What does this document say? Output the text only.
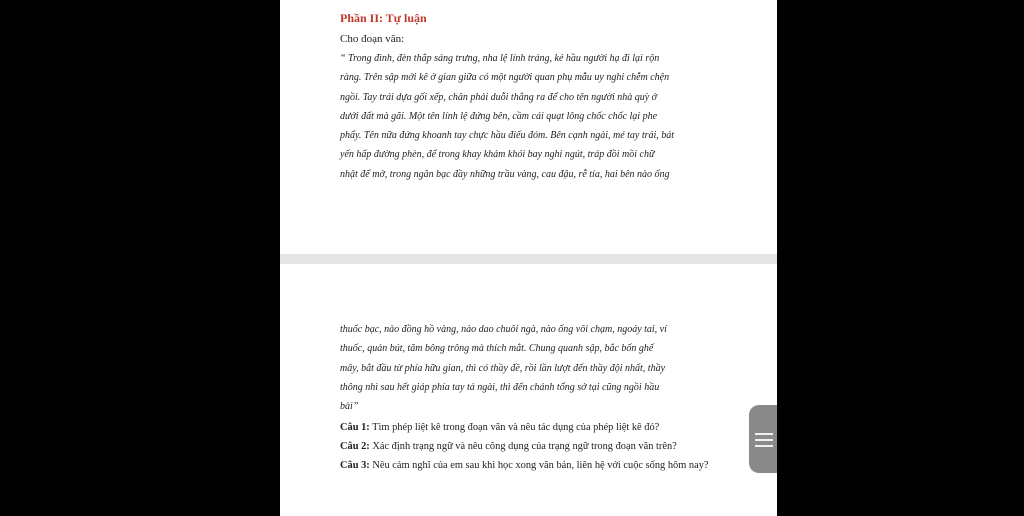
Phần II: Tự luận
Cho đoạn văn:

“ Trong đình, đèn thắp sáng trưng, nha lệ lính tráng, kẻ hầu người hạ đi lại rộn
ràng. Trên sập mới kê ở gian giữa có một người quan phụ mẫu uy nghi chễm chện
ngồi. Tay trái dựa gối xếp, chân phải duỗi thẳng ra để cho tên người nhà quỳ ở
dưới đất mà gãi. Một tên lính lệ đứng bên, cầm cái quạt lông chốc chốc lại phe
phẩy. Tên nữa đứng khoanh tay chực hầu điếu đóm. Bên cạnh ngài, mé tay trái, bát
yến hấp đường phèn, để trong khay khảm khói bay nghi ngút, tráp đồi mồi chữ
nhật để mở, trong ngăn bạc đầy những trầu vàng, cau đậu, rễ tía, hai bên nào ống

thuốc bạc, nào đồng hồ vàng, nào dao chuôi ngà, nào ống vôi chạm, ngoáy tai, ví
thuốc, quản bút, tăm bông trông mà thích mắt. Chung quanh sập, bắc bốn ghế
mây, bắt đầu từ phía hữu gian, thì có thầy đề, rồi lần lượt đến thầy đội nhất, thầy
thông nhì sau hết giáp phía tay tả ngài, thì đến chánh tổng sở tại cũng ngồi hầu
bài”

Câu 1: Tìm phép liệt kê trong đoạn văn và nêu tác dụng của phép liệt kê đó?
Câu 2: Xác định trạng ngữ và nêu công dụng của trạng ngữ trong đoạn văn trên?
Câu 3: Nêu cảm nghĩ của em sau khi học xong văn bản, liên hệ với cuộc sống hôm nay?
